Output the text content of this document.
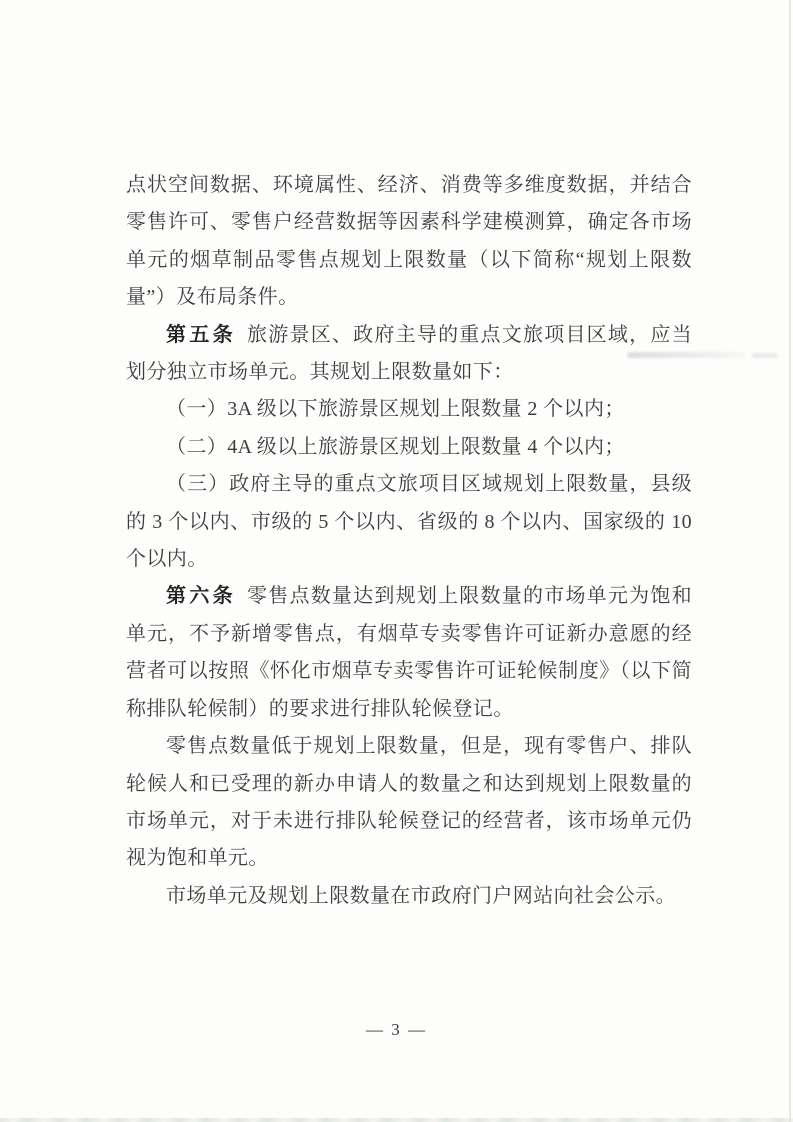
点状空间数据、环境属性、经济、消费等多维度数据，并结合零售许可、零售户经营数据等因素科学建模测算，确定各市场单元的烟草制品零售点规划上限数量（以下简称“规划上限数量”）及布局条件。

第五条 旅游景区、政府主导的重点文旅项目区域，应当划分独立市场单元。其规划上限数量如下：

（一）3A 级以下旅游景区规划上限数量 2 个以内；

（二）4A 级以上旅游景区规划上限数量 4 个以内；

（三）政府主导的重点文旅项目区域规划上限数量，县级的 3 个以内、市级的 5 个以内、省级的 8 个以内、国家级的 10 个以内。

第六条 零售点数量达到规划上限数量的市场单元为饱和单元，不予新增零售点，有烟草专卖零售许可证新办意愿的经营者可以按照《怀化市烟草专卖零售许可证轮候制度》（以下简称排队轮候制）的要求进行排队轮候登记。

零售点数量低于规划上限数量，但是，现有零售户、排队轮候人和已受理的新办申请人的数量之和达到规划上限数量的市场单元，对于未进行排队轮候登记的经营者，该市场单元仍视为饱和单元。

市场单元及规划上限数量在市政府门户网站向社会公示。

— 3 —
